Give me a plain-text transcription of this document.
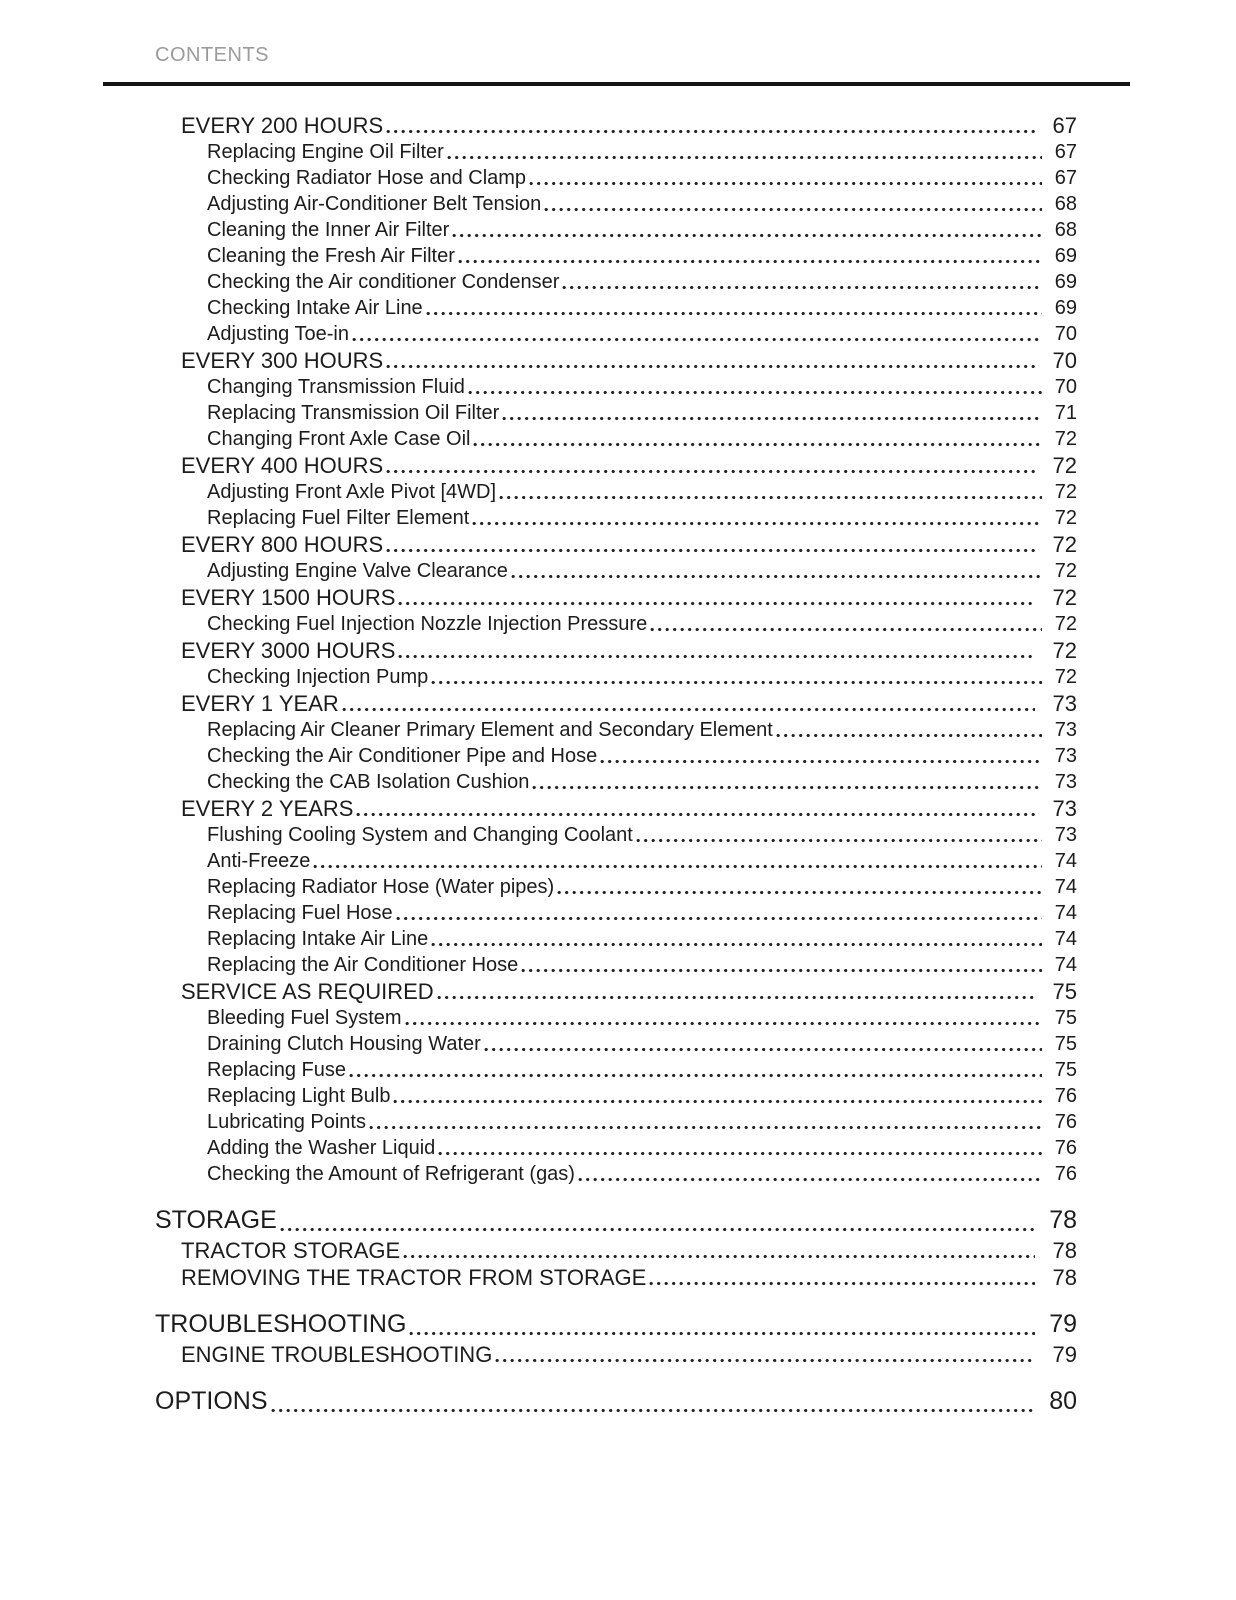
CONTENTS
EVERY 200 HOURS	67
Replacing Engine Oil Filter	67
Checking Radiator Hose and Clamp	67
Adjusting Air-Conditioner Belt Tension	68
Cleaning the Inner Air Filter	68
Cleaning the Fresh Air Filter	69
Checking the Air conditioner Condenser	69
Checking Intake Air Line	69
Adjusting Toe-in	70
EVERY 300 HOURS	70
Changing Transmission Fluid	70
Replacing Transmission Oil Filter	71
Changing Front Axle Case Oil	72
EVERY 400 HOURS	72
Adjusting Front Axle Pivot [4WD]	72
Replacing Fuel Filter Element	72
EVERY 800 HOURS	72
Adjusting Engine Valve Clearance	72
EVERY 1500 HOURS	72
Checking Fuel Injection Nozzle Injection Pressure	72
EVERY 3000 HOURS	72
Checking Injection Pump	72
EVERY 1 YEAR	73
Replacing Air Cleaner Primary Element and Secondary Element	73
Checking the Air Conditioner Pipe and Hose	73
Checking the CAB Isolation Cushion	73
EVERY 2 YEARS	73
Flushing Cooling System and Changing Coolant	73
Anti-Freeze	74
Replacing Radiator Hose (Water pipes)	74
Replacing Fuel Hose	74
Replacing Intake Air Line	74
Replacing the Air Conditioner Hose	74
SERVICE AS REQUIRED	75
Bleeding Fuel System	75
Draining Clutch Housing Water	75
Replacing Fuse	75
Replacing Light Bulb	76
Lubricating Points	76
Adding the Washer Liquid	76
Checking the Amount of Refrigerant (gas)	76
STORAGE	78
TRACTOR STORAGE	78
REMOVING THE TRACTOR FROM STORAGE	78
TROUBLESHOOTING	79
ENGINE TROUBLESHOOTING	79
OPTIONS	80
